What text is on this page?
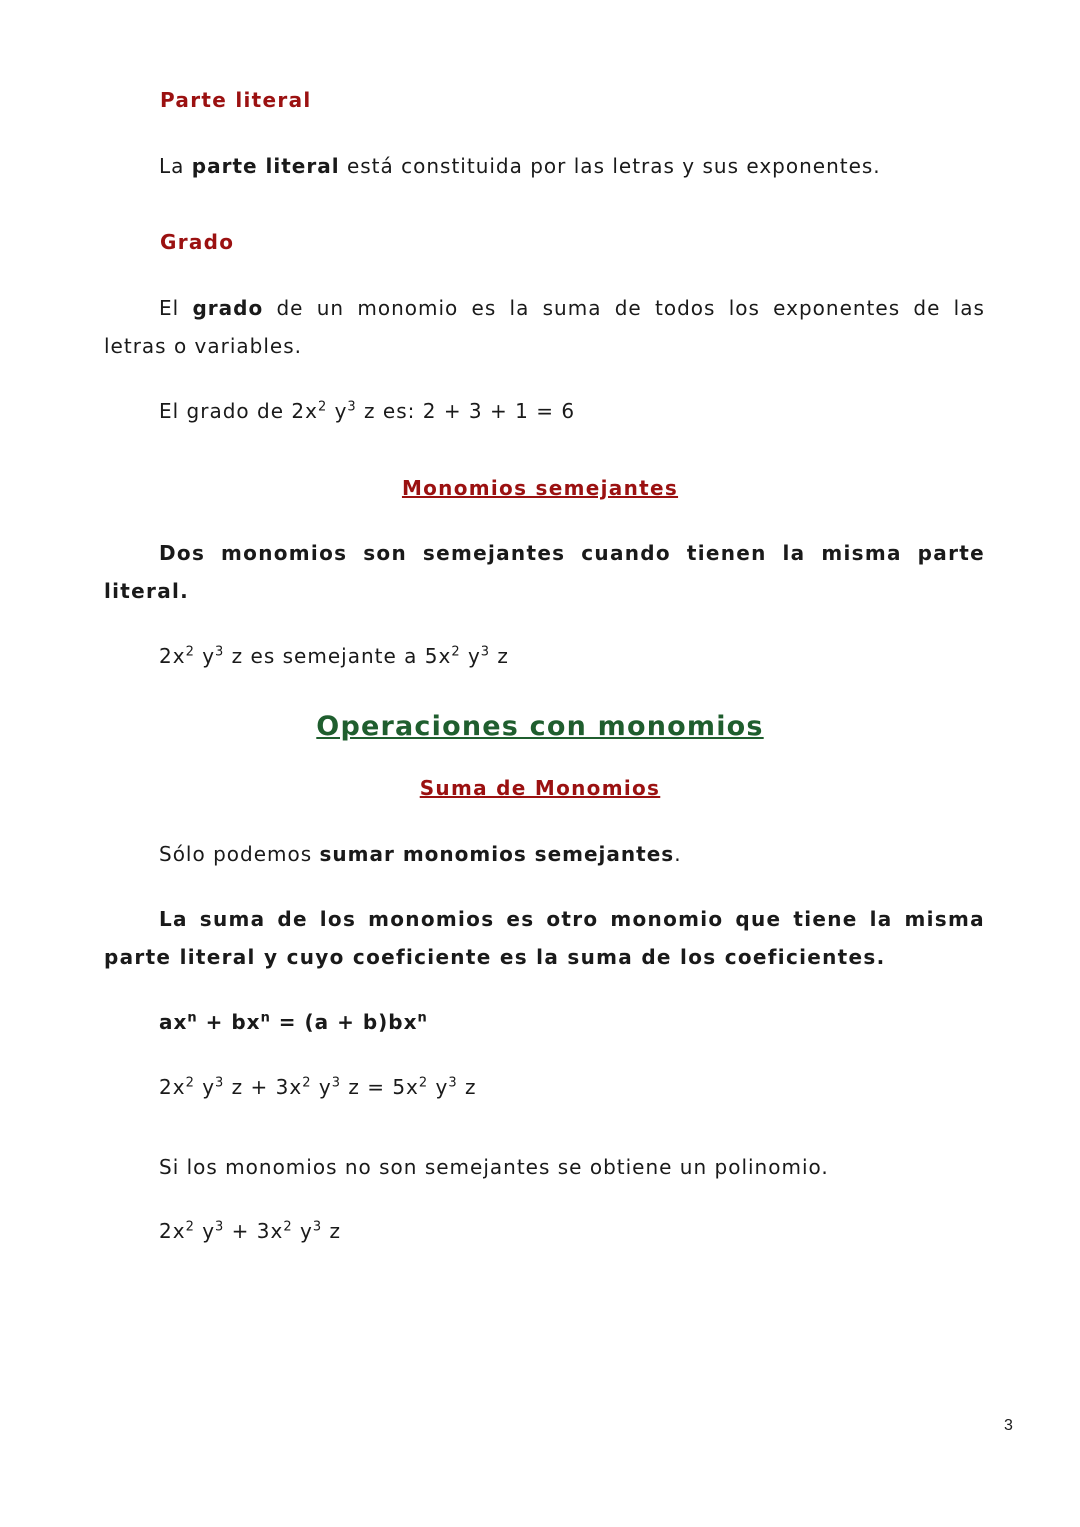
Parte literal
La parte literal está constituida por las letras y sus exponentes.
Grado
El grado de un monomio es la suma de todos los exponentes de las
letras o variables.
El grado de $2x^2$ $y^3$ z es: 2 + 3 + 1 = 6
Monomios semejantes
Dos monomios son semejantes cuando tienen la misma parte
literal.
$2x^2$ $y^3$ z es semejante a $5x^2$ $y^3$ z
Operaciones con monomios
Suma de Monomios
Sólo podemos sumar monomios semejantes.
La suma de los monomios es otro monomio que tiene la misma
parte literal y cuyo coeficiente es la suma de los coeficientes.
$ax^n + bx^n = (a + b)bx^n$
$2x^2$ $y^3$ $z + 3x^2$ $y^3$ $z = 5x^2$ $y^3$ z
Si los monomios no son semejantes se obtiene un polinomio.
$2x^2$ $y^3 + 3x^2$ $y^3$ z
3
